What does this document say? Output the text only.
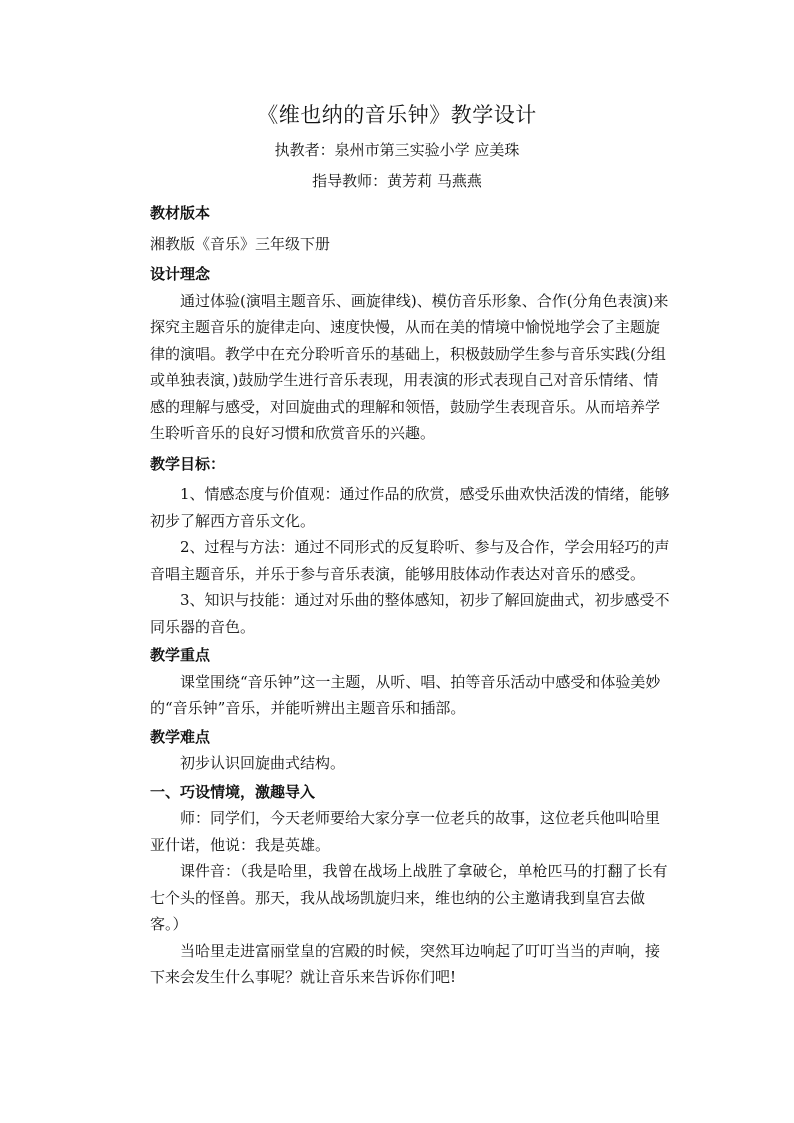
《维也纳的音乐钟》教学设计
执教者：泉州市第三实验小学 应美珠
指导教师：黄芳莉 马燕燕

教材版本

湘教版《音乐》三年级下册

设计理念

通过体验(演唱主题音乐、画旋律线)、模仿音乐形象、合作(分角色表演)来探究主题音乐的旋律走向、速度快慢，从而在美的情境中愉悦地学会了主题旋律的演唱。教学中在充分聆听音乐的基础上，积极鼓励学生参与音乐实践(分组或单独表演，)鼓励学生进行音乐表现，用表演的形式表现自己对音乐情绪、情感的理解与感受，对回旋曲式的理解和领悟，鼓励学生表现音乐。从而培养学生聆听音乐的良好习惯和欣赏音乐的兴趣。

教学目标：

1、情感态度与价值观：通过作品的欣赏，感受乐曲欢快活泼的情绪，能够初步了解西方音乐文化。

2、过程与方法：通过不同形式的反复聆听、参与及合作，学会用轻巧的声音唱主题音乐，并乐于参与音乐表演，能够用肢体动作表达对音乐的感受。

3、知识与技能：通过对乐曲的整体感知，初步了解回旋曲式，初步感受不同乐器的音色。

教学重点

课堂围绕“音乐钟”这一主题，从听、唱、拍等音乐活动中感受和体验美妙的“音乐钟”音乐，并能听辨出主题音乐和插部。

教学难点

初步认识回旋曲式结构。

一、巧设情境，激趣导入

师：同学们，今天老师要给大家分享一位老兵的故事，这位老兵他叫哈里亚什诺，他说：我是英雄。

课件音：（我是哈里，我曾在战场上战胜了拿破仑，单枪匹马的打翻了长有七个头的怪兽。那天，我从战场凯旋归来，维也纳的公主邀请我到皇宫去做客。）

当哈里走进富丽堂皇的宫殿的时候，突然耳边响起了叮叮当当的声响，接下来会发生什么事呢？就让音乐来告诉你们吧!
